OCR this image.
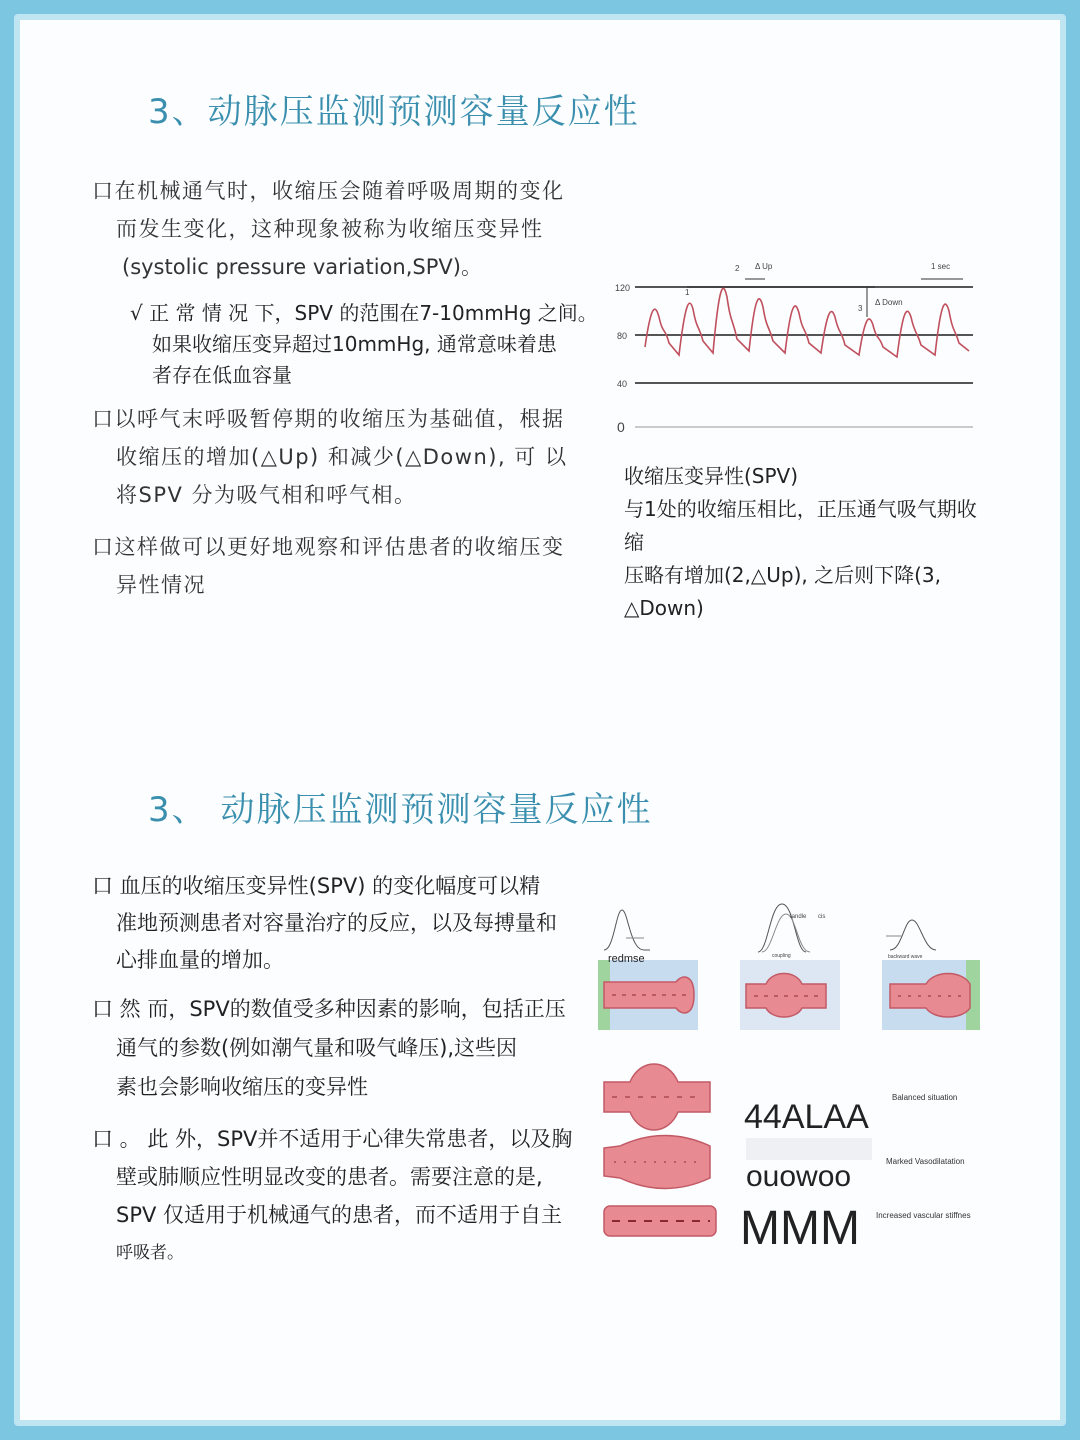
3、动脉压监测预测容量反应性
口在机械通气时，收缩压会随着呼吸周期的变化
而发生变化，这种现象被称为收缩压变异性
(systolic pressure variation,SPV)。
√ 正 常 情 况 下，SPV 的范围在7-10mmHg 之间。
如果收缩压变异超过10mmHg, 通常意味着患
者存在低血容量
口以呼气末呼吸暂停期的收缩压为基础值，根据
收缩压的增加(△Up) 和减少(△Down), 可 以
将SPV 分为吸气相和呼气相。
口这样做可以更好地观察和评估患者的收缩压变
异性情况
120
80
40
0
Δ Up
Δ Down
1 sec
1
2
3
收缩压变异性(SPV)
与1处的收缩压相比，正压通气吸气期收缩
压略有增加(2,△Up), 之后则下降(3,
△Down)
3、 动脉压监测预测容量反应性
口 血压的收缩压变异性(SPV) 的变化幅度可以精
准地预测患者对容量治疗的反应，以及每搏量和
心排血量的增加。
口 然 而，SPV的数值受多种因素的影响，包括正压
通气的参数(例如潮气量和吸气峰压),这些因
素也会影响收缩压的变异性
口 。 此 外，SPV并不适用于心律失常患者，以及胸
壁或肺顺应性明显改变的患者。需要注意的是,
SPV 仅适用于机械通气的患者，而不适用于自主
呼吸者。
redmse
tandle cis
coupling	backward wave
44ALAA
ouowoo
MMM
Balanced situation
Marked Vasodilatation
Increased vascular stiffnes
